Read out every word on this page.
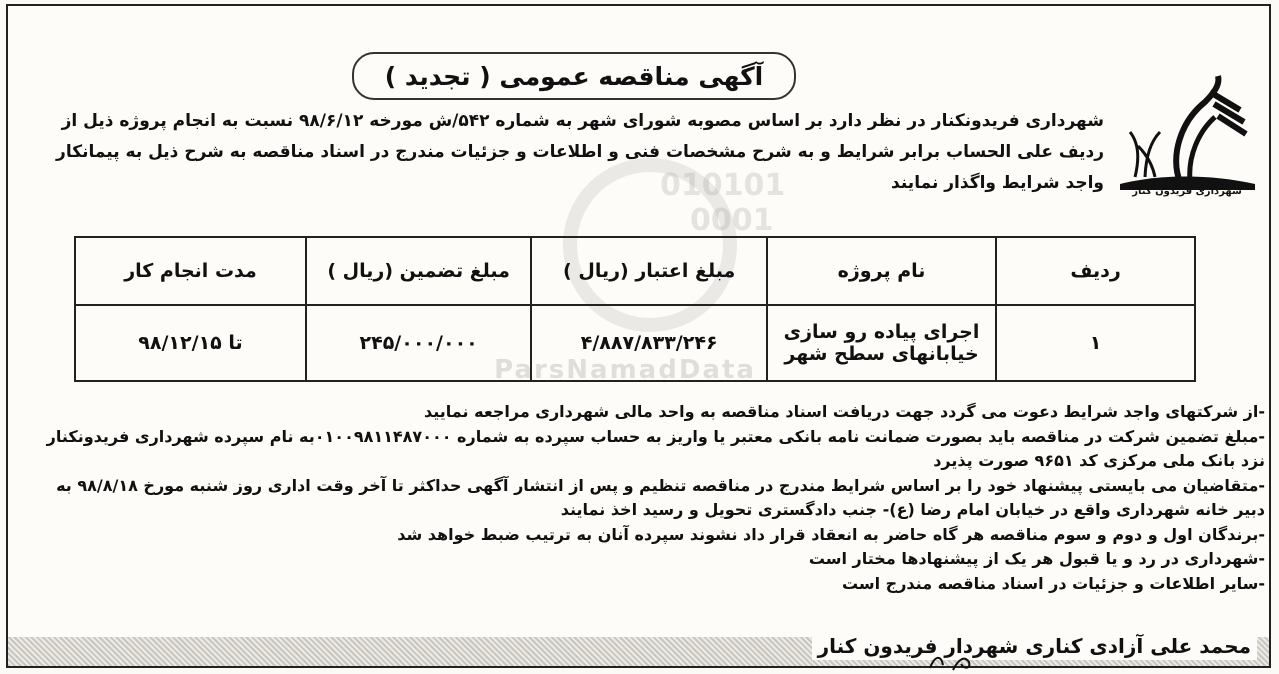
010101
0001
آگهی مناقصه عمومی ( تجدید )
شهرداری فریدون کنار
شهرداری فریدونکنار در نظر دارد بر اساس مصوبه شورای شهر به شماره ۵۴۲/ش مورخه ۹۸/۶/۱۲ نسبت به انجام پروژه ذیل از ردیف علی الحساب برابر شرایط و به شرح مشخصات فنی و اطلاعات و جزئیات مندرج در اسناد مناقصه به شرح ذیل به پیمانکار واجد شرایط واگذار نمایند
ردیف	نام پروژه	مبلغ اعتبار (ریال )	مبلغ تضمین (ریال )	مدت انجام کار
۱	اجرای پیاده رو سازی خیابانهای سطح شهر	۴/۸۸۷/۸۳۳/۲۴۶	۲۴۵/۰۰۰/۰۰۰	تا ۹۸/۱۲/۱۵
ParsNamadData

-از شرکتهای واجد شرایط دعوت می گردد جهت دریافت اسناد مناقصه به واحد مالی شهرداری مراجعه نمایید

-مبلغ تضمین شرکت در مناقصه باید بصورت ضمانت نامه بانکی معتبر یا واریز به حساب سپرده به شماره ۰۱۰۰۹۸۱۱۴۸۷۰۰۰به نام سپرده شهرداری فریدونکنار نزد بانک ملی مرکزی کد ۹۶۵۱ صورت پذیرد

-متقاضیان می بایستی پیشنهاد خود را بر اساس شرایط مندرج در مناقصه تنظیم و پس از انتشار آگهی حداکثر تا آخر وقت اداری روز شنبه مورخ ۹۸/۸/۱۸ به دبیر خانه شهرداری واقع در خیابان امام رضا (ع)- جنب دادگستری تحویل و رسید اخذ نمایند

-برندگان اول و دوم و سوم مناقصه هر گاه حاضر به انعقاد قرار داد نشوند سپرده آنان به ترتیب ضبط خواهد شد

-شهرداری در رد و یا قبول هر یک از پیشنهادها مختار است

-سایر اطلاعات و جزئیات در اسناد مناقصه مندرج است

محمد علی آزادی کناری شهردار فریدون کنار
